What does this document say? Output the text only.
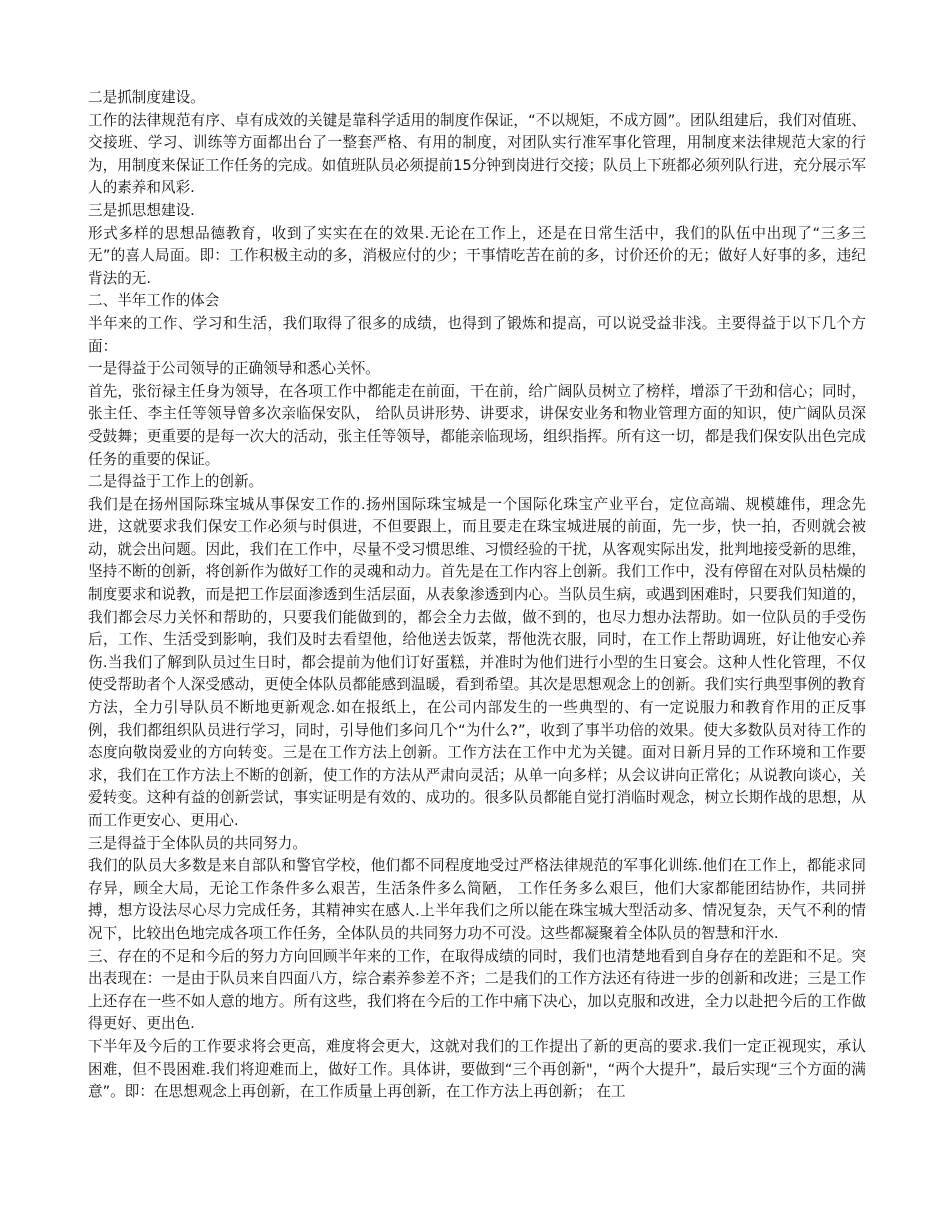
二是抓制度建设。

工作的法律规范有序、卓有成效的关键是靠科学适用的制度作保证，“不以规矩，不成方圆”。团队组建后，我们对值班、交接班、学习、训练等方面都出台了一整套严格、有用的制度，对团队实行准军事化管理，用制度来法律规范大家的行为，用制度来保证工作任务的完成。如值班队员必须提前15分钟到岗进行交接；队员上下班都必须列队行进，充分展示军人的素养和风彩.

三是抓思想建设.

形式多样的思想品德教育，收到了实实在在的效果.无论在工作上，还是在日常生活中，我们的队伍中出现了“三多三无”的喜人局面。即：工作积极主动的多，消极应付的少；干事情吃苦在前的多，讨价还价的无；做好人好事的多，违纪背法的无.

二、半年工作的体会

半年来的工作、学习和生活，我们取得了很多的成绩，也得到了锻炼和提高，可以说受益非浅。主要得益于以下几个方面：

一是得益于公司领导的正确领导和悉心关怀。

首先，张衍禄主任身为领导，在各项工作中都能走在前面，干在前，给广阔队员树立了榜样，增添了干劲和信心；同时，张主任、李主任等领导曾多次亲临保安队， 给队员讲形势、讲要求，讲保安业务和物业管理方面的知识，使广阔队员深受鼓舞；更重要的是每一次大的活动，张主任等领导，都能亲临现场，组织指挥。所有这一切，都是我们保安队出色完成任务的重要的保证。

二是得益于工作上的创新。

我们是在扬州国际珠宝城从事保安工作的.扬州国际珠宝城是一个国际化珠宝产业平台，定位高端、规模雄伟，理念先进，这就要求我们保安工作必须与时俱进，不但要跟上，而且要走在珠宝城进展的前面，先一步，快一拍，否则就会被动，就会出问题。因此，我们在工作中，尽量不受习惯思维、习惯经验的干扰，从客观实际出发，批判地接受新的思维，坚持不断的创新，将创新作为做好工作的灵魂和动力。首先是在工作内容上创新。我们工作中，没有停留在对队员枯燥的制度要求和说教，而是把工作层面渗透到生活层面，从表象渗透到内心。当队员生病，或遇到困难时，只要我们知道的，我们都会尽力关怀和帮助的，只要我们能做到的，都会全力去做，做不到的，也尽力想办法帮助。如一位队员的手受伤后，工作、生活受到影响，我们及时去看望他，给他送去饭菜，帮他洗衣服，同时，在工作上帮助调班，好让他安心养伤.当我们了解到队员过生日时，都会提前为他们订好蛋糕，并准时为他们进行小型的生日宴会。这种人性化管理，不仅使受帮助者个人深受感动，更使全体队员都能感到温暖，看到希望。其次是思想观念上的创新。我们实行典型事例的教育方法，全力引导队员不断地更新观念.如在报纸上，在公司内部发生的一些典型的、有一定说服力和教育作用的正反事例，我们都组织队员进行学习，同时，引导他们多问几个“为什么?”，收到了事半功倍的效果。使大多数队员对待工作的态度向敬岗爱业的方向转变。三是在工作方法上创新。工作方法在工作中尤为关键。面对日新月异的工作环境和工作要求，我们在工作方法上不断的创新，使工作的方法从严肃向灵活；从单一向多样；从会议讲向正常化；从说教向谈心，关爱转变。这种有益的创新尝试，事实证明是有效的、成功的。很多队员都能自觉打消临时观念，树立长期作战的思想，从而工作更安心、更用心.

三是得益于全体队员的共同努力。

我们的队员大多数是来自部队和警官学校，他们都不同程度地受过严格法律规范的军事化训练.他们在工作上，都能求同存异，顾全大局，无论工作条件多么艰苦，生活条件多么简陋， 工作任务多么艰巨，他们大家都能团结协作，共同拼搏，想方设法尽心尽力完成任务，其精神实在感人.上半年我们之所以能在珠宝城大型活动多、情况复杂，天气不利的情况下，比较出色地完成各项工作任务，全体队员的共同努力功不可没。这些都凝聚着全体队员的智慧和汗水.

三、存在的不足和今后的努力方向回顾半年来的工作，在取得成绩的同时，我们也清楚地看到自身存在的差距和不足。突出表现在：一是由于队员来自四面八方，综合素养参差不齐；二是我们的工作方法还有待进一步的创新和改进；三是工作上还存在一些不如人意的地方。所有这些，我们将在今后的工作中痛下决心，加以克服和改进，全力以赴把今后的工作做得更好、更出色.

下半年及今后的工作要求将会更高，难度将会更大，这就对我们的工作提出了新的更高的要求.我们一定正视现实，承认困难，但不畏困难.我们将迎难而上，做好工作。具体讲，要做到“三个再创新"，“两个大提升”，最后实现“三个方面的满意”。即：在思想观念上再创新，在工作质量上再创新，在工作方法上再创新； 在工
